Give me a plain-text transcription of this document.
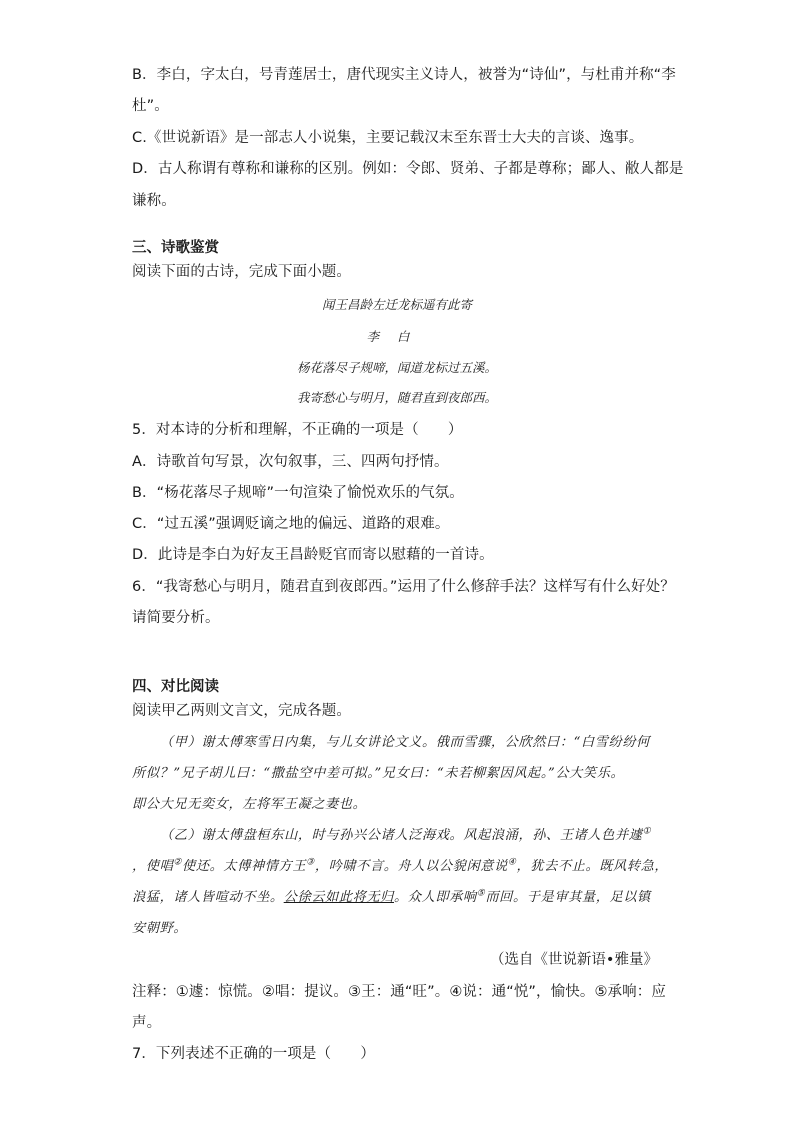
B．李白，字太白，号青莲居士，唐代现实主义诗人，被誉为“诗仙”，与杜甫并称“李
杜”。
C.《世说新语》是一部志人小说集，主要记载汉末至东晋士大夫的言谈、逸事。
D．古人称谓有尊称和谦称的区别。例如：令郎、贤弟、子都是尊称；鄙人、敝人都是
谦称。
三、诗歌鉴赏
阅读下面的古诗，完成下面小题。
闻王昌龄左迁龙标遥有此寄
李白
杨花落尽子规啼，闻道龙标过五溪。
我寄愁心与明月，随君直到夜郎西。
5．对本诗的分析和理解，不正确的一项是（　　）
A．诗歌首句写景，次句叙事，三、四两句抒情。
B．“杨花落尽子规啼”一句渲染了愉悦欢乐的气氛。
C．“过五溪”强调贬谪之地的偏远、道路的艰难。
D．此诗是李白为好友王昌龄贬官而寄以慰藉的一首诗。
6．“我寄愁心与明月，随君直到夜郎西。”运用了什么修辞手法？这样写有什么好处？
请简要分析。
四、对比阅读
阅读甲乙两则文言文，完成各题。
（甲）谢太傅寒雪日内集，与儿女讲论文义。俄而雪骤，公欣然曰：“白雪纷纷何
所似？”兄子胡儿曰：“撒盐空中差可拟。”兄女曰：“未若柳絮因风起。”公大笑乐。
即公大兄无奕女，左将军王凝之妻也。
（乙）谢太傅盘桓东山，时与孙兴公诸人泛海戏。风起浪涌，孙、王诸人色并遽①
，使唱②使还。太傅神情方王③，吟啸不言。舟人以公貌闲意说④，犹去不止。既风转急，
浪猛，诸人皆喧动不坐。公徐云如此将无归。众人即承响⑤而回。于是审其量，足以镇
安朝野。
（选自《世说新语•雅量》
注释：①遽：惊慌。②唱：提议。③王：通“旺”。④说：通“悦”，愉快。⑤承响：应
声。
7．下列表述不正确的一项是（　　）
